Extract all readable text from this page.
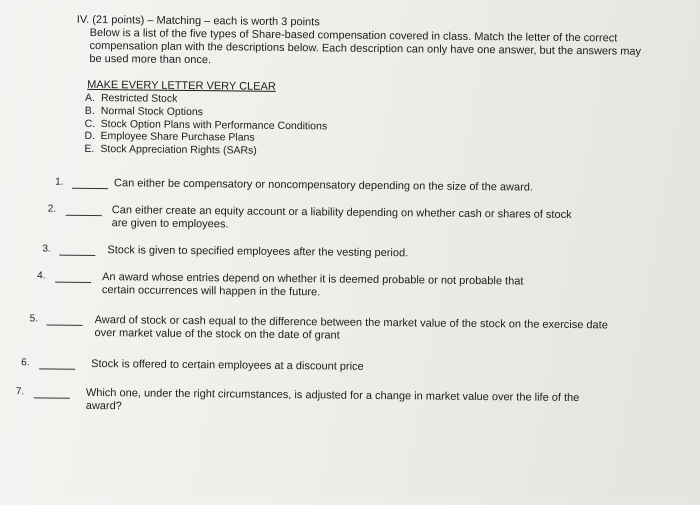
IV. (21 points) – Matching – each is worth 3 points
Below is a list of the five types of Share-based compensation covered in class. Match the letter of the correct compensation plan with the descriptions below. Each description can only have one answer, but the answers may be used more than once.
MAKE EVERY LETTER VERY CLEAR
A. Restricted Stock
B. Normal Stock Options
C. Stock Option Plans with Performance Conditions
D. Employee Share Purchase Plans
E. Stock Appreciation Rights (SARs)
1.	Can either be compensatory or noncompensatory depending on the size of the award.
2.	Can either create an equity account or a liability depending on whether cash or shares of stock are given to employees.
3.	Stock is given to specified employees after the vesting period.
4.	An award whose entries depend on whether it is deemed probable or not probable that certain occurrences will happen in the future.
5.	Award of stock or cash equal to the difference between the market value of the stock on the exercise date over market value of the stock on the date of grant
6.	Stock is offered to certain employees at a discount price
7.	Which one, under the right circumstances, is adjusted for a change in market value over the life of the award?
